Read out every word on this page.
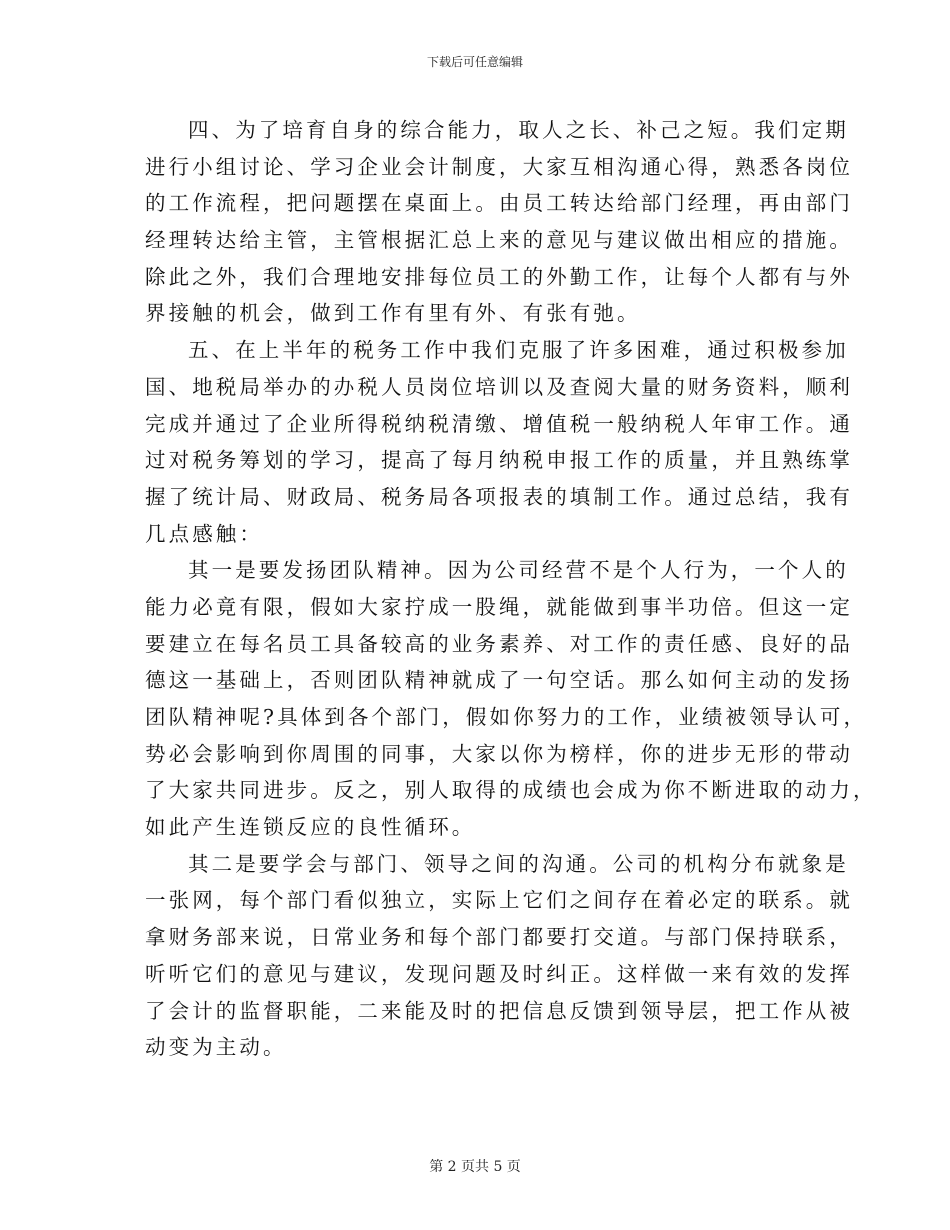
下载后可任意编辑
四、为了培育自身的综合能力，取人之长、补己之短。我们定期
进行小组讨论、学习企业会计制度，大家互相沟通心得，熟悉各岗位
的工作流程，把问题摆在桌面上。由员工转达给部门经理，再由部门
经理转达给主管，主管根据汇总上来的意见与建议做出相应的措施。
除此之外，我们合理地安排每位员工的外勤工作，让每个人都有与外
界接触的机会，做到工作有里有外、有张有弛。
五、在上半年的税务工作中我们克服了许多困难，通过积极参加
国、地税局举办的办税人员岗位培训以及查阅大量的财务资料，顺利
完成并通过了企业所得税纳税清缴、增值税一般纳税人年审工作。通
过对税务筹划的学习，提高了每月纳税申报工作的质量，并且熟练掌
握了统计局、财政局、税务局各项报表的填制工作。通过总结，我有
几点感触：
其一是要发扬团队精神。因为公司经营不是个人行为，一个人的
能力必竟有限，假如大家拧成一股绳，就能做到事半功倍。但这一定
要建立在每名员工具备较高的业务素养、对工作的责任感、良好的品
德这一基础上，否则团队精神就成了一句空话。那么如何主动的发扬
团队精神呢?具体到各个部门，假如你努力的工作，业绩被领导认可，
势必会影响到你周围的同事，大家以你为榜样，你的进步无形的带动
了大家共同进步。反之，别人取得的成绩也会成为你不断进取的动力，
如此产生连锁反应的良性循环。
其二是要学会与部门、领导之间的沟通。公司的机构分布就象是
一张网，每个部门看似独立，实际上它们之间存在着必定的联系。就
拿财务部来说，日常业务和每个部门都要打交道。与部门保持联系，
听听它们的意见与建议，发现问题及时纠正。这样做一来有效的发挥
了会计的监督职能，二来能及时的把信息反馈到领导层，把工作从被
动变为主动。
第 2 页共 5 页
